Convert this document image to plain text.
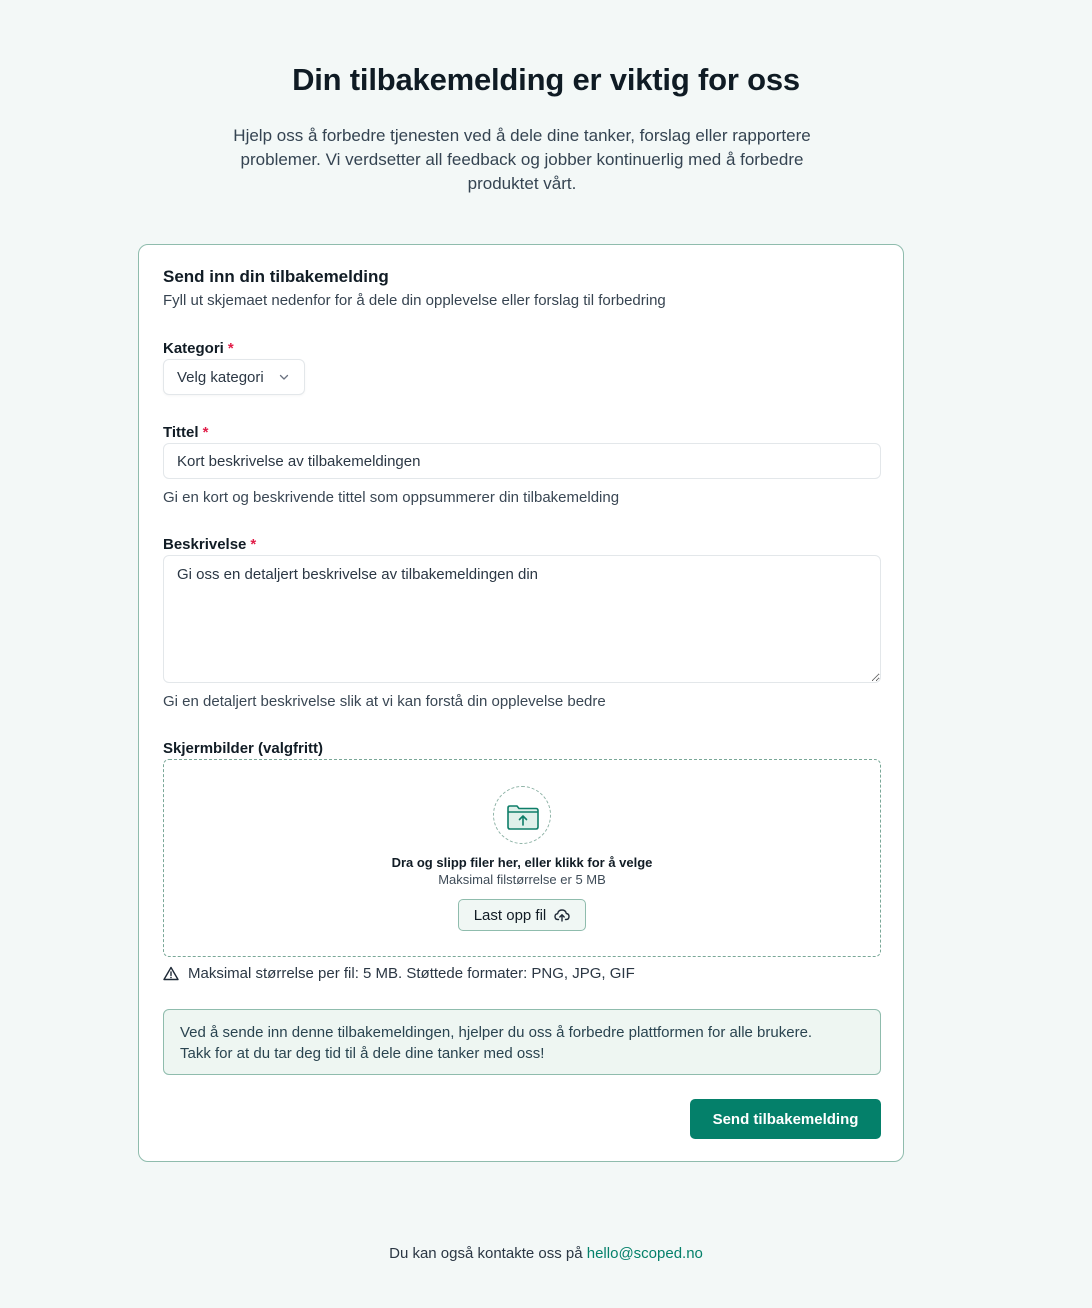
Din tilbakemelding er viktig for oss

Hjelp oss å forbedre tjenesten ved å dele dine tanker, forslag eller rapportere problemer. Vi verdsetter all feedback og jobber kontinuerlig med å forbedre produktet vårt.

Send inn din tilbakemelding

Fyll ut skjemaet nedenfor for å dele din opplevelse eller forslag til forbedring

Kategori *

Velg kategori

Tittel *

Kort beskrivelse av tilbakemeldingen

Gi en kort og beskrivende tittel som oppsummerer din tilbakemelding

Beskrivelse *

Gi oss en detaljert beskrivelse av tilbakemeldingen din

Gi en detaljert beskrivelse slik at vi kan forstå din opplevelse bedre

Skjermbilder (valgfritt)

Dra og slipp filer her, eller klikk for å velge

Maksimal filstørrelse er 5 MB

Last opp fil
Maksimal størrelse per fil: 5 MB. Støttede formater: PNG, JPG, GIF

Ved å sende inn denne tilbakemeldingen, hjelper du oss å forbedre plattformen for alle brukere.

Takk for at du tar deg tid til å dele dine tanker med oss!

Send tilbakemelding

Du kan også kontakte oss på hello@scoped.no
